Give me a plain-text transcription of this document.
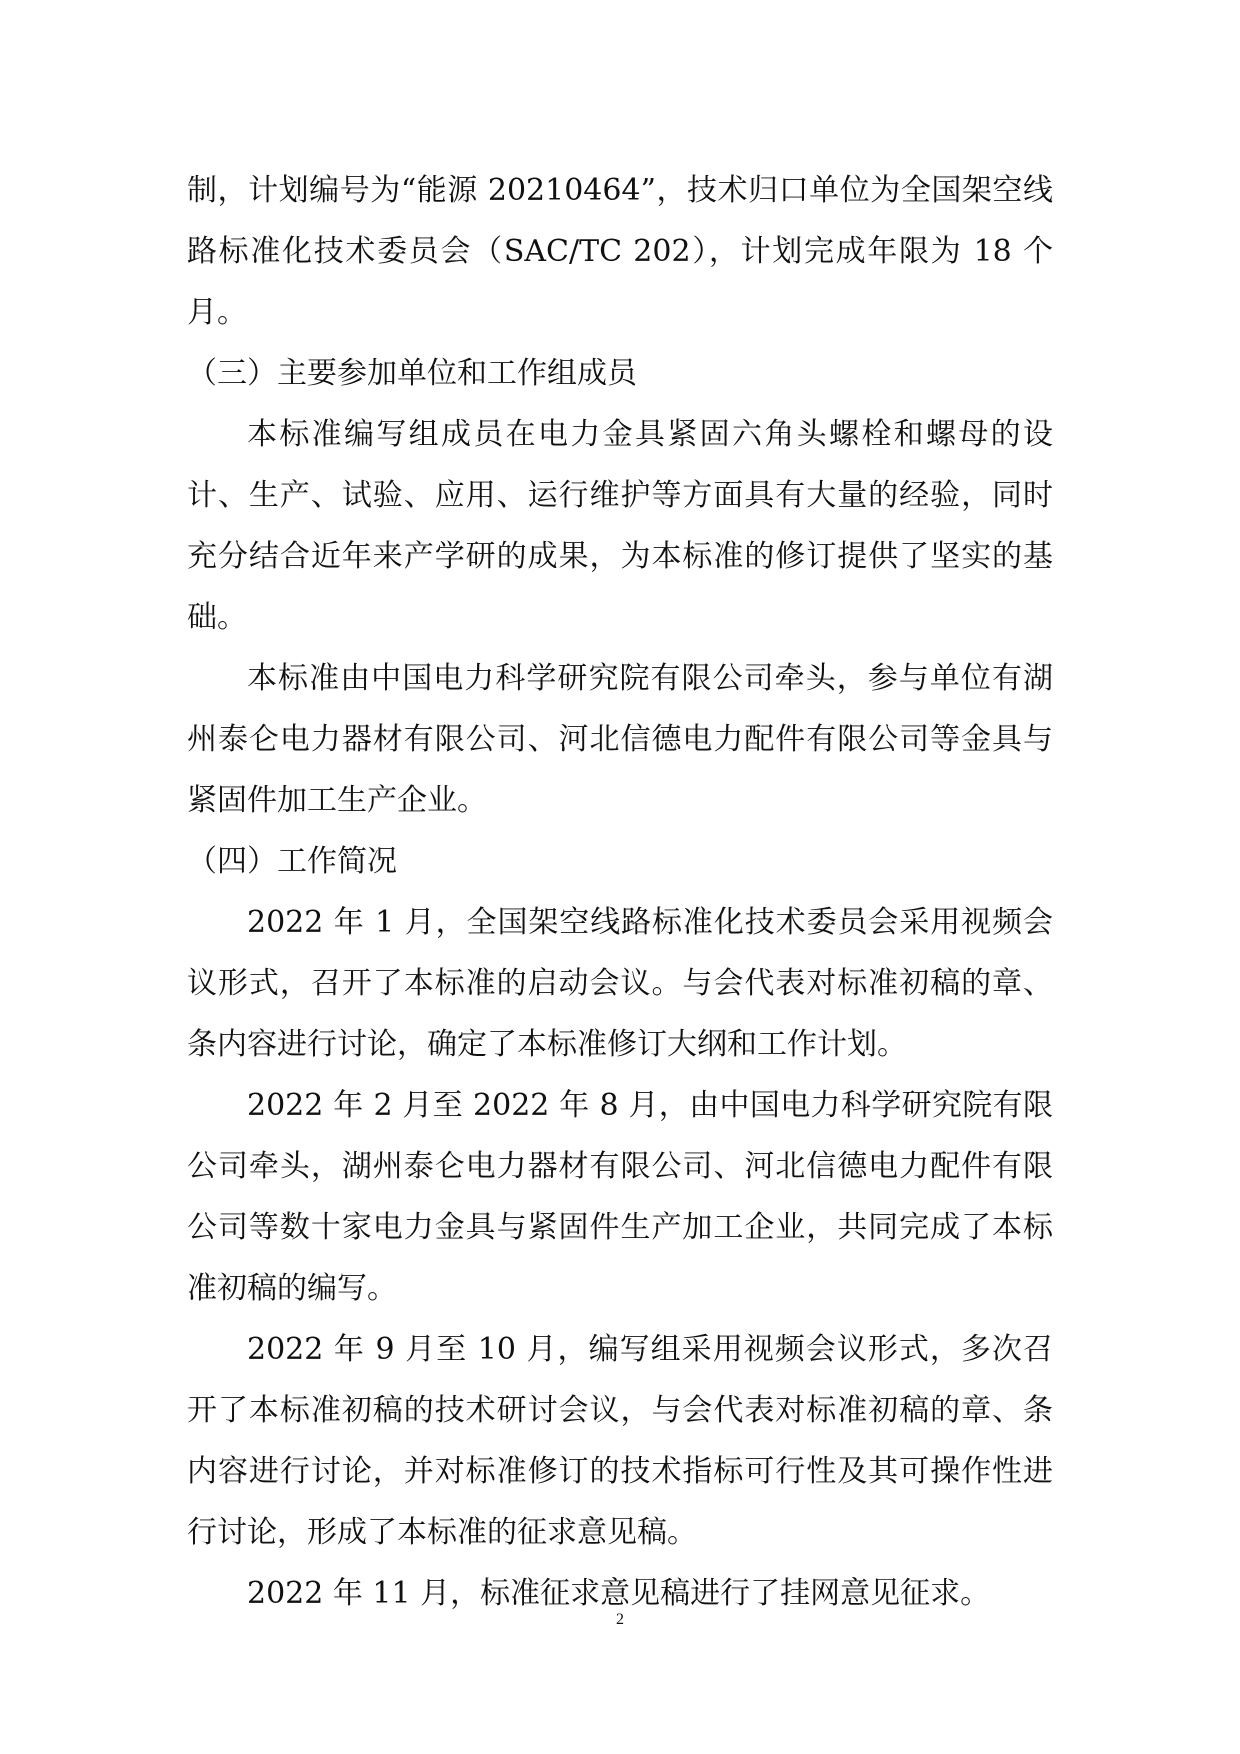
制，计划编号为“能源 20210464”，技术归口单位为全国架空线路标准化技术委员会（SAC/TC 202），计划完成年限为 18 个月。

（三）主要参加单位和工作组成员

本标准编写组成员在电力金具紧固六角头螺栓和螺母的设计、生产、试验、应用、运行维护等方面具有大量的经验，同时充分结合近年来产学研的成果，为本标准的修订提供了坚实的基础。

本标准由中国电力科学研究院有限公司牵头，参与单位有湖州泰仑电力器材有限公司、河北信德电力配件有限公司等金具与紧固件加工生产企业。

（四）工作简况

2022 年 1 月，全国架空线路标准化技术委员会采用视频会议形式，召开了本标准的启动会议。与会代表对标准初稿的章、条内容进行讨论，确定了本标准修订大纲和工作计划。

2022 年 2 月至 2022 年 8 月，由中国电力科学研究院有限公司牵头，湖州泰仑电力器材有限公司、河北信德电力配件有限公司等数十家电力金具与紧固件生产加工企业，共同完成了本标准初稿的编写。

2022 年 9 月至 10 月，编写组采用视频会议形式，多次召开了本标准初稿的技术研讨会议，与会代表对标准初稿的章、条内容进行讨论，并对标准修订的技术指标可行性及其可操作性进行讨论，形成了本标准的征求意见稿。

2022 年 11 月，标准征求意见稿进行了挂网意见征求。

2
